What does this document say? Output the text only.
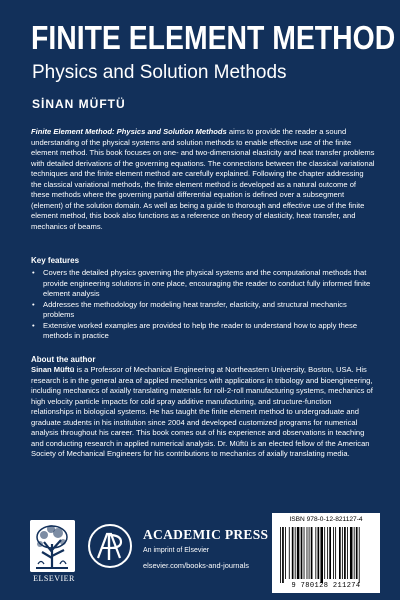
FINITE ELEMENT METHOD
Physics and Solution Methods
SİNAN MÜFTÜ

Finite Element Method: Physics and Solution Methods aims to provide the reader a sound understanding of the physical systems and solution methods to enable effective use of the finite element method. This book focuses on one- and two-dimensional elasticity and heat transfer problems with detailed derivations of the governing equations. The connections between the classical variational techniques and the finite element method are carefully explained. Following the chapter addressing the classical variational methods, the finite element method is developed as a natural outcome of these methods where the governing partial differential equation is defined over a subsegment (element) of the solution domain. As well as being a guide to thorough and effective use of the finite element method, this book also functions as a reference on theory of elasticity, heat transfer, and mechanics of beams.

Key features
• Covers the detailed physics governing the physical systems and the computational methods that provide engineering solutions in one place, encouraging the reader to conduct fully informed finite element analysis
• Addresses the methodology for modeling heat transfer, elasticity, and structural mechanics problems
• Extensive worked examples are provided to help the reader to understand how to apply these methods in practice
About the author

Sinan Müftü is a Professor of Mechanical Engineering at Northeastern University, Boston, USA. His research is in the general area of applied mechanics with applications in tribology and bioengineering, including mechanics of axially translating materials for roll-2-roll manufacturing systems, mechanics of high velocity particle impacts for cold spray additive manufacturing, and structure-function relationships in biological systems. He has taught the finite element method to undergraduate and graduate students in his institution since 2004 and developed customized programs for numerical analysis throughout his career. This book comes out of his experience and observations in teaching and conducting research in applied numerical analysis. Dr. Müftü is an elected fellow of the American Society of Mechanical Engineers for his contributions to mechanics of axially translating media.

ELSEVIER
ACADEMIC PRESS
An imprint of Elsevier
elsevier.com/books-and-journals
ISBN 978-0-12-821127-4
9 780128 211274
